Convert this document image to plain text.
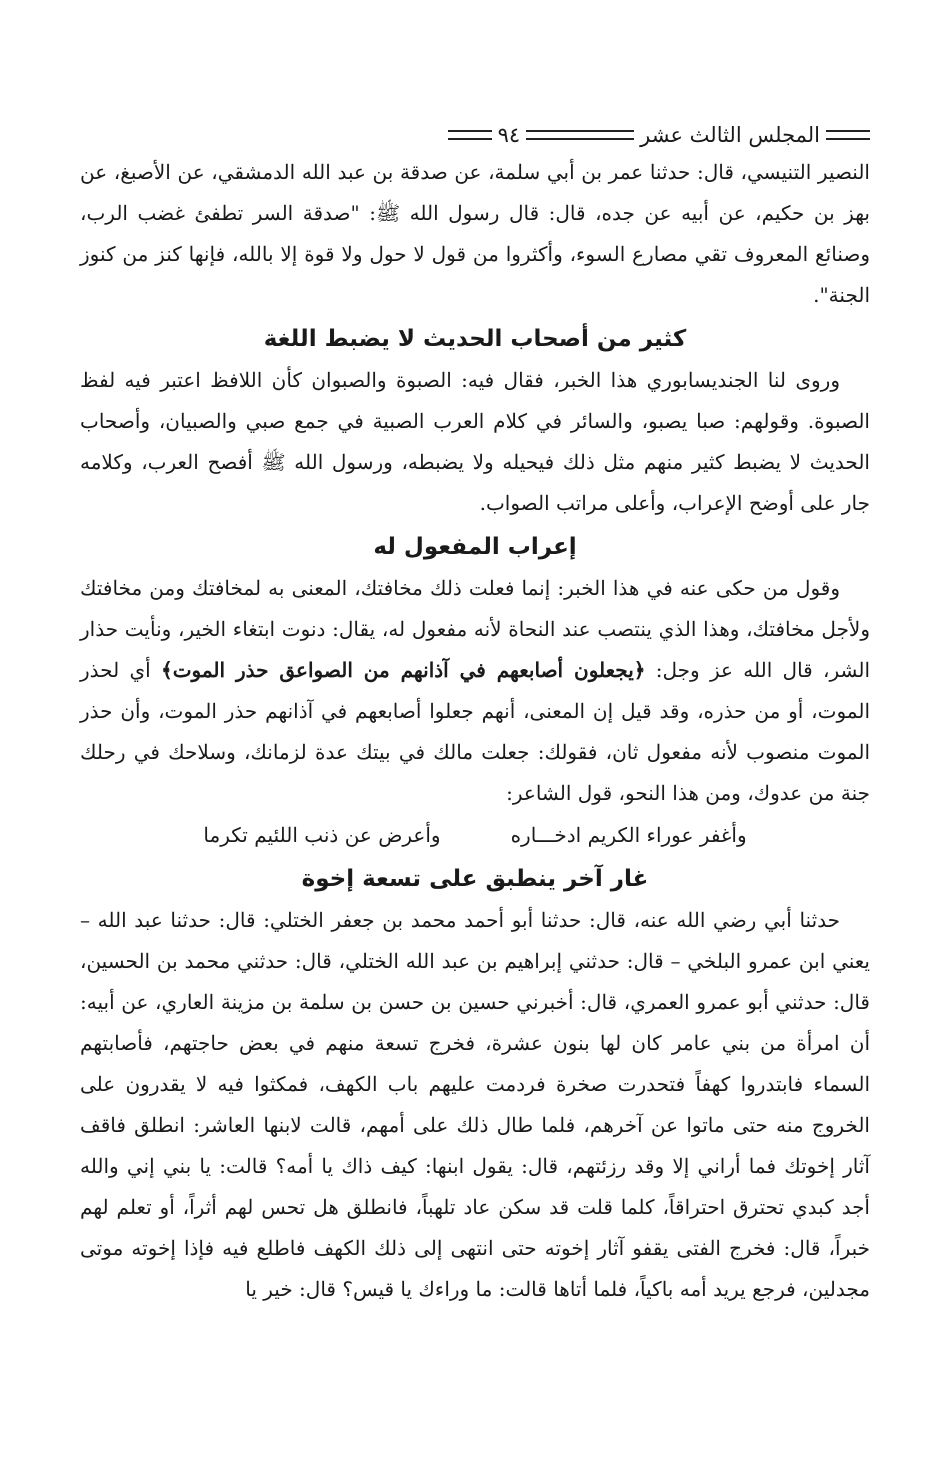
المجلس الثالث عشر
٩٤

النصير التنيسي، قال: حدثنا عمر بن أبي سلمة، عن صدقة بن عبد الله الدمشقي، عن الأصبغ، عن بهز بن حكيم، عن أبيه عن جده، قال: قال رسول الله ﷺ: "صدقة السر تطفئ غضب الرب، وصنائع المعروف تقي مصارع السوء، وأكثروا من قول لا حول ولا قوة إلا بالله، فإنها كنز من كنوز الجنة".

كثير من أصحاب الحديث لا يضبط اللغة

وروى لنا الجنديسابوري هذا الخبر، فقال فيه: الصبوة والصبوان كأن اللافظ اعتبر فيه لفظ الصبوة. وقولهم: صبا يصبو، والسائر في كلام العرب الصبية في جمع صبي والصبيان، وأصحاب الحديث لا يضبط كثير منهم مثل ذلك فيحيله ولا يضبطه، ورسول الله ﷺ أفصح العرب، وكلامه جار على أوضح الإعراب، وأعلى مراتب الصواب.

إعراب المفعول له

وقول من حكى عنه في هذا الخبر: إنما فعلت ذلك مخافتك، المعنى به لمخافتك ومن مخافتك ولأجل مخافتك، وهذا الذي ينتصب عند النحاة لأنه مفعول له، يقال: دنوت ابتغاء الخير، ونأيت حذار الشر، قال الله عز وجل: ﴿يجعلون أصابعهم في آذانهم من الصواعق حذر الموت﴾ أي لحذر الموت، أو من حذره، وقد قيل إن المعنى، أنهم جعلوا أصابعهم في آذانهم حذر الموت، وأن حذر الموت منصوب لأنه مفعول ثان، فقولك: جعلت مالك في بيتك عدة لزمانك، وسلاحك في رحلك جنة من عدوك، ومن هذا النحو، قول الشاعر:

وأغفر عوراء الكريم ادخـــاره
وأعرض عن ذنب اللئيم تكرما
غار آخر ينطبق على تسعة إخوة

حدثنا أبي رضي الله عنه، قال: حدثنا أبو أحمد محمد بن جعفر الختلي: قال: حدثنا عبد الله – يعني ابن عمرو البلخي – قال: حدثني إبراهيم بن عبد الله الختلي، قال: حدثني محمد بن الحسين، قال: حدثني أبو عمرو العمري، قال: أخبرني حسين بن حسن بن سلمة بن مزينة العاري، عن أبيه: أن امرأة من بني عامر كان لها بنون عشرة، فخرج تسعة منهم في بعض حاجتهم، فأصابتهم السماء فابتدروا كهفاً فتحدرت صخرة فردمت عليهم باب الكهف، فمكثوا فيه لا يقدرون على الخروج منه حتى ماتوا عن آخرهم، فلما طال ذلك على أمهم، قالت لابنها العاشر: انطلق فاقف آثار إخوتك فما أراني إلا وقد رزئتهم، قال: يقول ابنها: كيف ذاك يا أمه؟ قالت: يا بني إني والله أجد كبدي تحترق احتراقاً، كلما قلت قد سكن عاد تلهباً، فانطلق هل تحس لهم أثراً، أو تعلم لهم خبراً، قال: فخرج الفتى يقفو آثار إخوته حتى انتهى إلى ذلك الكهف فاطلع فيه فإذا إخوته موتى مجدلين، فرجع يريد أمه باكياً، فلما أتاها قالت: ما وراءك يا قيس؟ قال: خير يا
